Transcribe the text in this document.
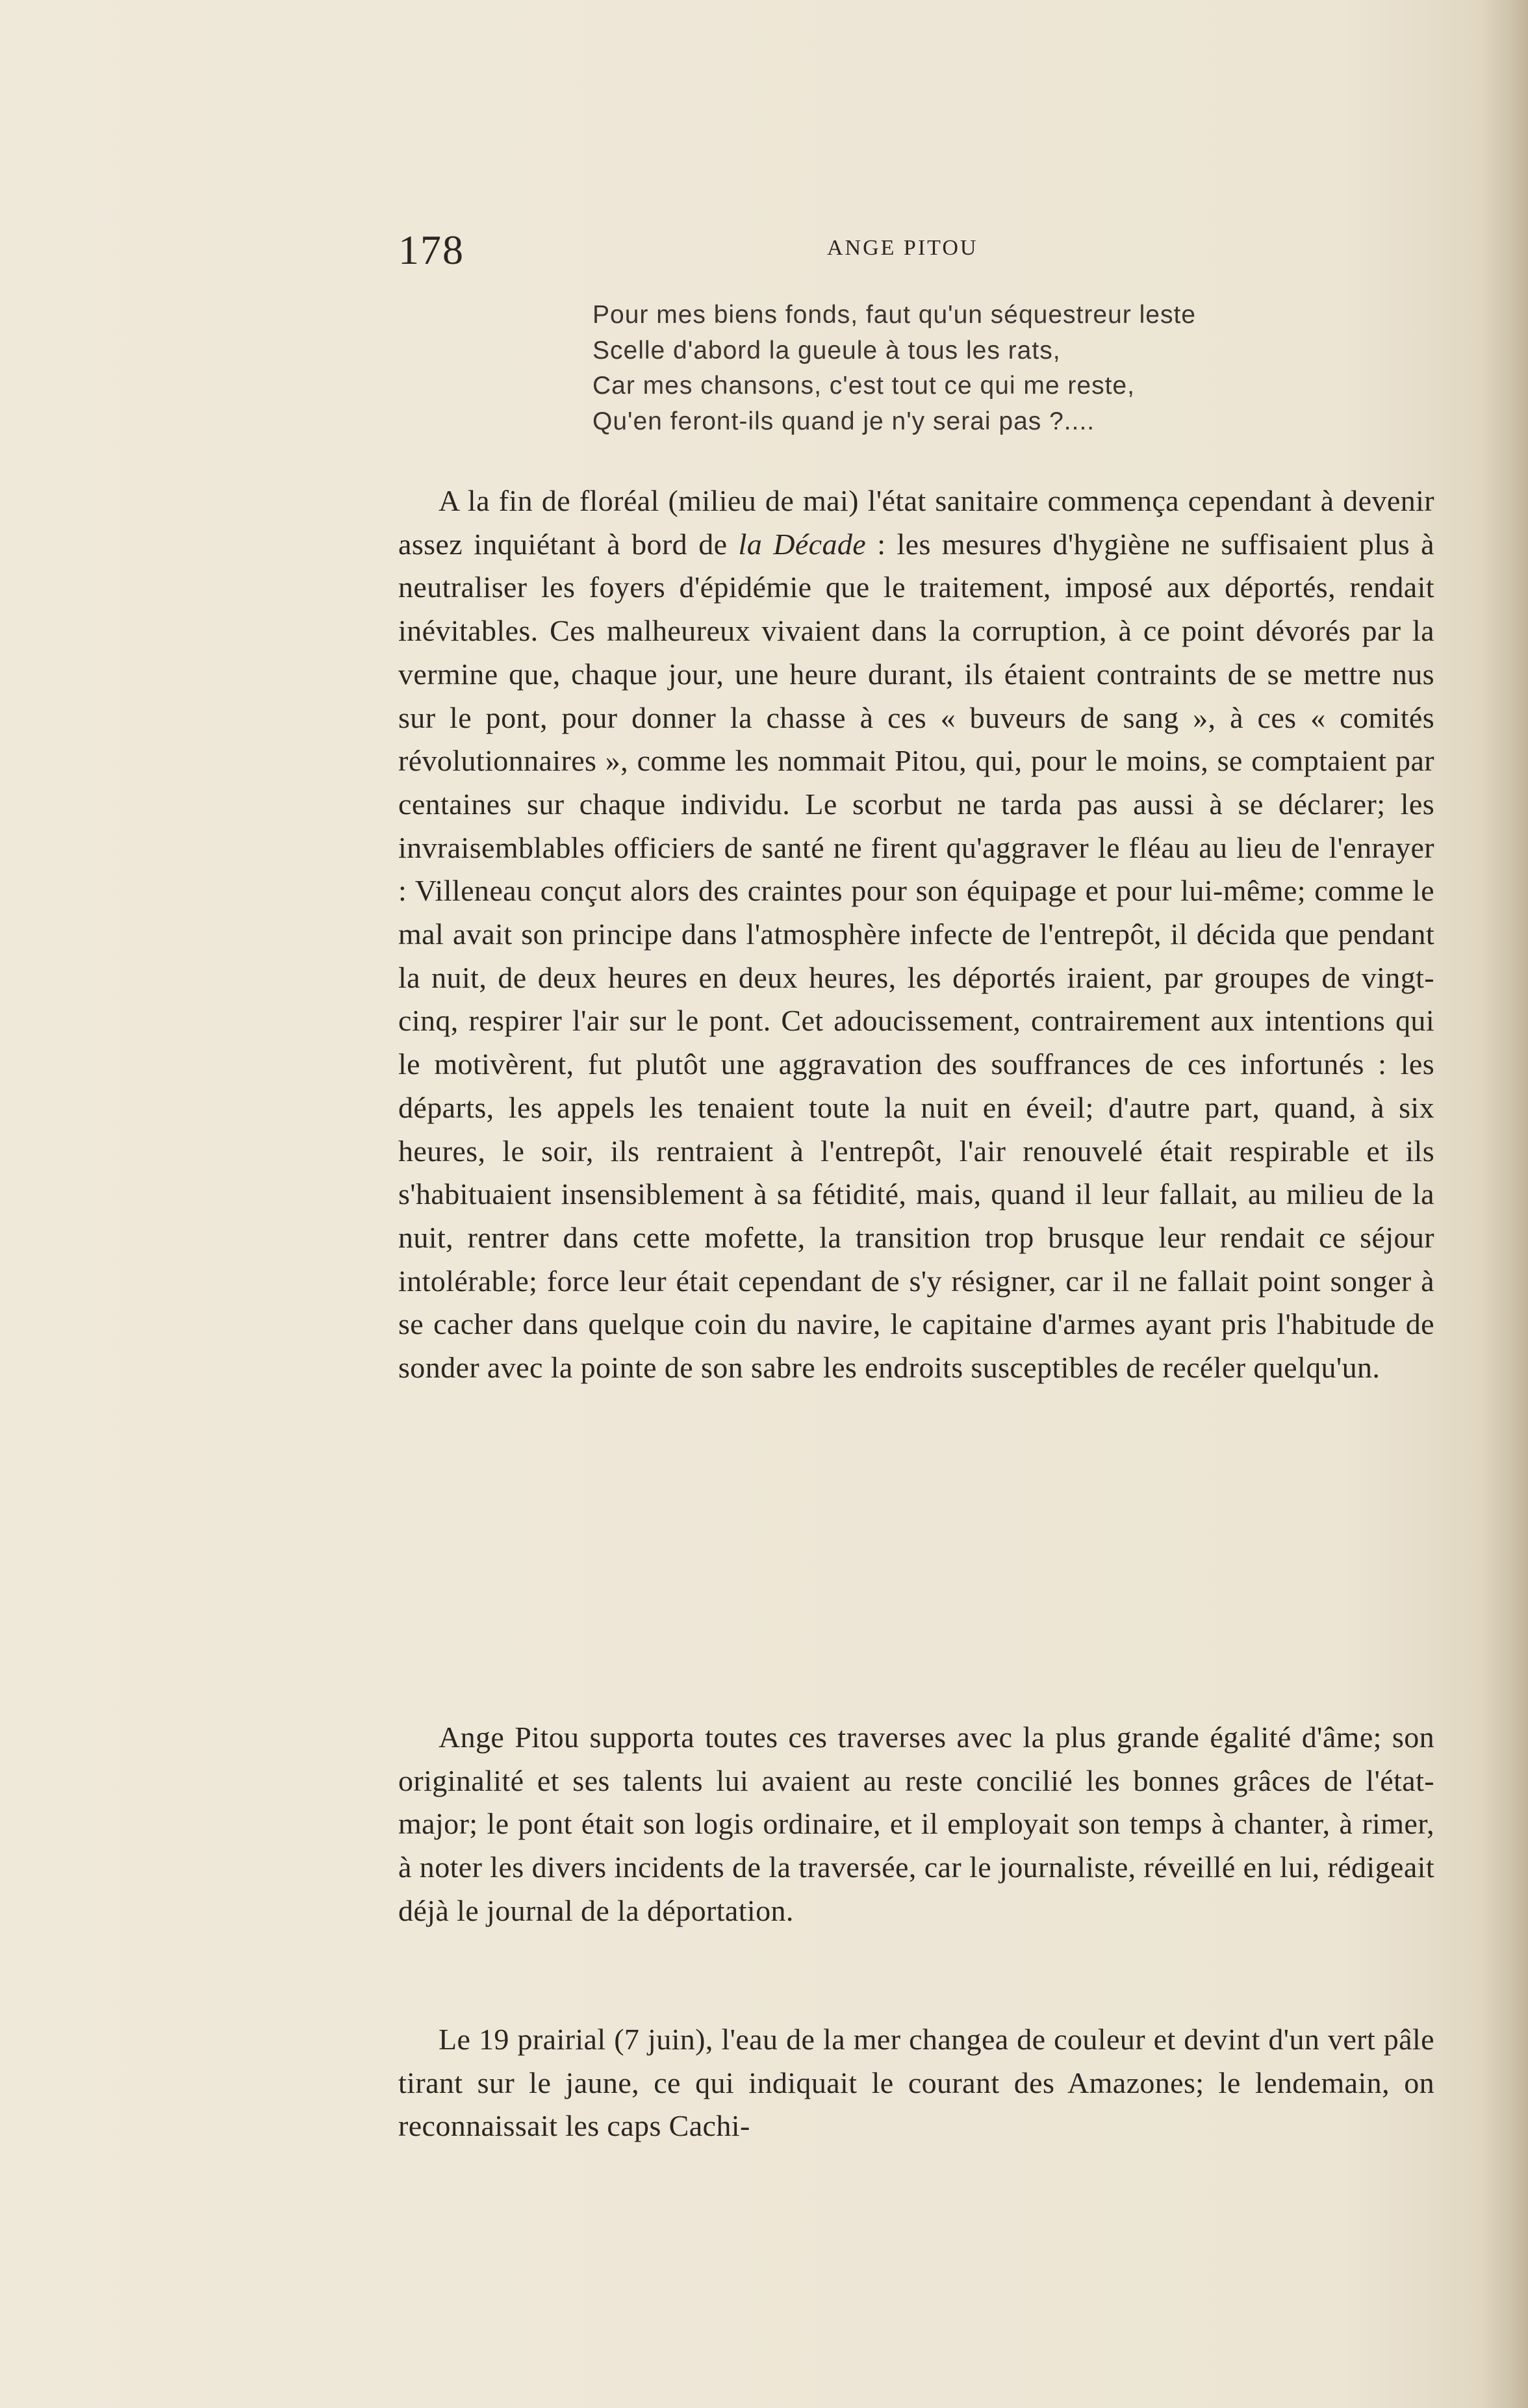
178	ANGE PITOU
Pour mes biens fonds, faut qu'un séquestreur leste
Scelle d'abord la gueule à tous les rats,
Car mes chansons, c'est tout ce qui me reste,
Qu'en feront-ils quand je n'y serai pas ?....

A la fin de floréal (milieu de mai) l'état sanitaire commença cependant à devenir assez inquiétant à bord de la Décade : les mesures d'hygiène ne suffisaient plus à neutraliser les foyers d'épidémie que le traitement, imposé aux déportés, rendait inévitables. Ces malheureux vivaient dans la corruption, à ce point dévorés par la vermine que, chaque jour, une heure durant, ils étaient contraints de se mettre nus sur le pont, pour donner la chasse à ces « buveurs de sang », à ces « comités révolutionnaires », comme les nommait Pitou, qui, pour le moins, se comptaient par centaines sur chaque individu. Le scorbut ne tarda pas aussi à se déclarer; les invraisemblables officiers de santé ne firent qu'aggraver le fléau au lieu de l'enrayer : Villeneau conçut alors des craintes pour son équipage et pour lui-même; comme le mal avait son principe dans l'atmosphère infecte de l'entrepôt, il décida que pendant la nuit, de deux heures en deux heures, les déportés iraient, par groupes de vingt-cinq, respirer l'air sur le pont. Cet adoucissement, contrairement aux intentions qui le motivèrent, fut plutôt une aggravation des souffrances de ces infortunés : les départs, les appels les tenaient toute la nuit en éveil; d'autre part, quand, à six heures, le soir, ils rentraient à l'entrepôt, l'air renouvelé était respirable et ils s'habituaient insensiblement à sa fétidité, mais, quand il leur fallait, au milieu de la nuit, rentrer dans cette mofette, la transition trop brusque leur rendait ce séjour intolérable; force leur était cependant de s'y résigner, car il ne fallait point songer à se cacher dans quelque coin du navire, le capitaine d'armes ayant pris l'habitude de sonder avec la pointe de son sabre les endroits susceptibles de recéler quelqu'un.

Ange Pitou supporta toutes ces traverses avec la plus grande égalité d'âme; son originalité et ses talents lui avaient au reste concilié les bonnes grâces de l'état-major; le pont était son logis ordinaire, et il employait son temps à chanter, à rimer, à noter les divers incidents de la traversée, car le journaliste, réveillé en lui, rédigeait déjà le journal de la déportation.

Le 19 prairial (7 juin), l'eau de la mer changea de couleur et devint d'un vert pâle tirant sur le jaune, ce qui indiquait le courant des Amazones; le lendemain, on reconnaissait les caps Cachi-
